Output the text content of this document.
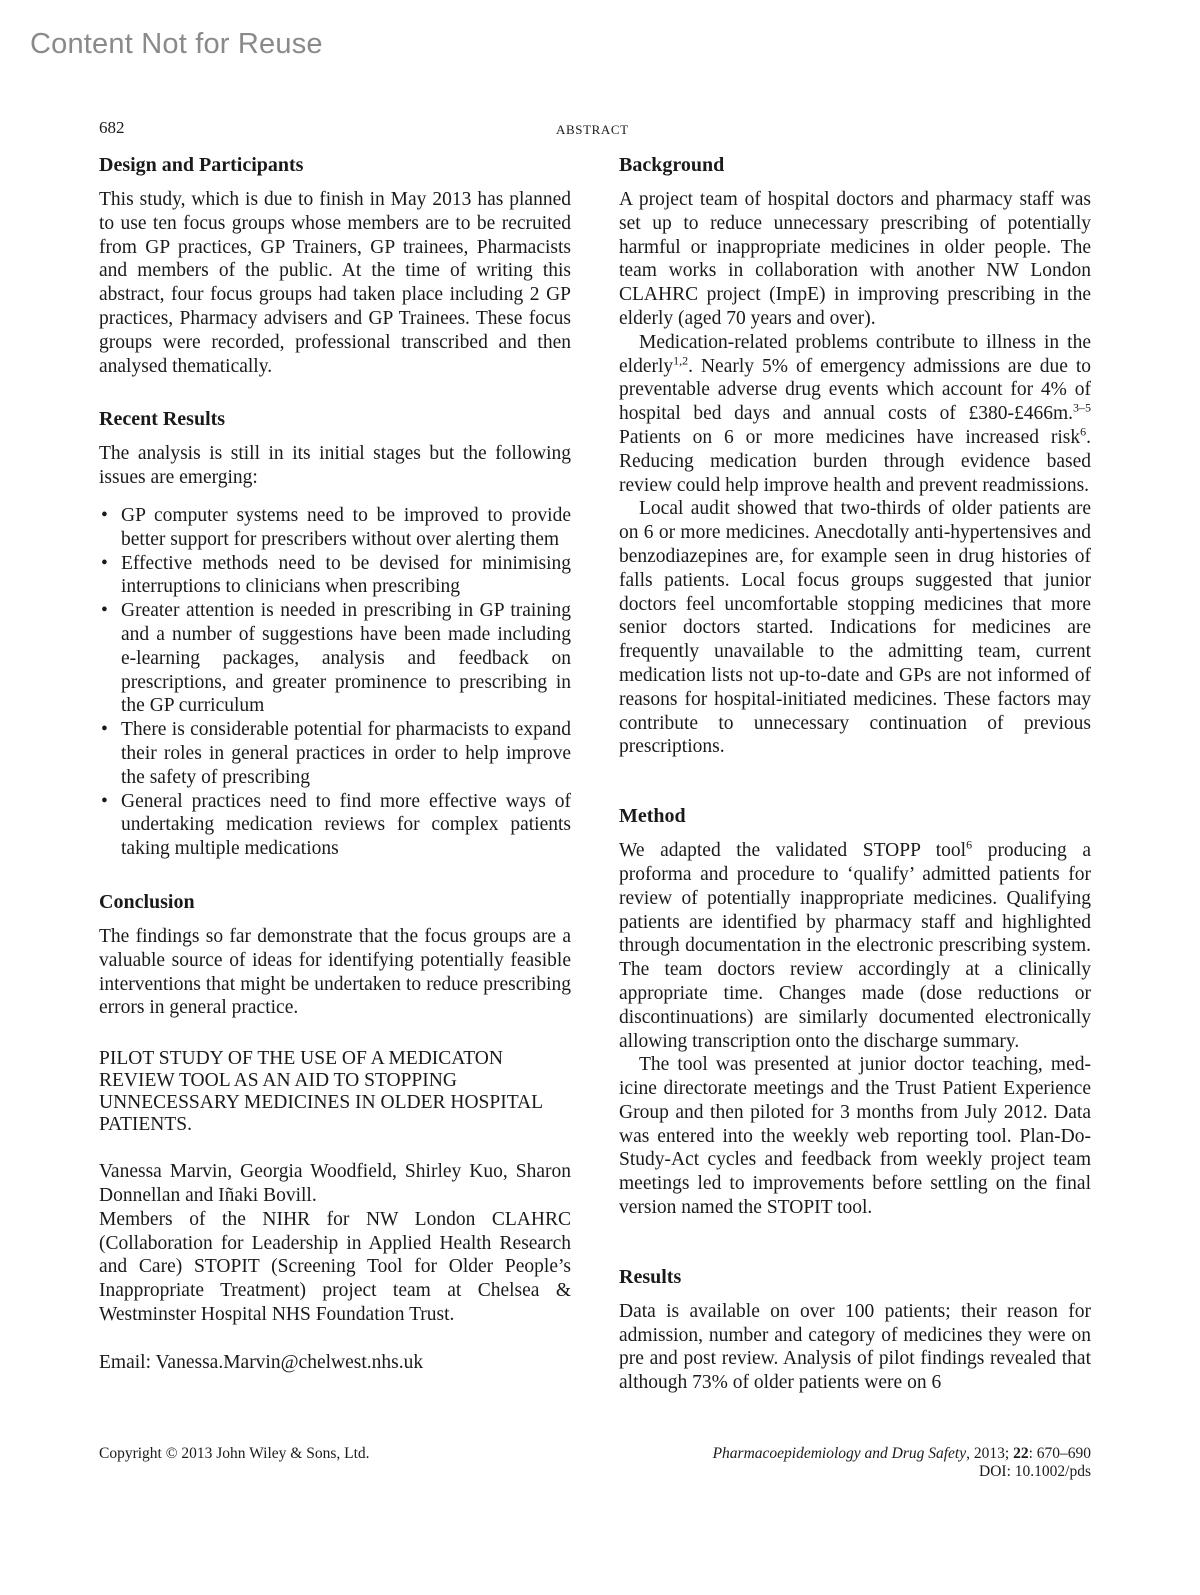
Content Not for Reuse
682	ABSTRACT
Design and Participants

This study, which is due to finish in May 2013 has planned to use ten focus groups whose members are to be recruited from GP practices, GP Trainers, GP trainees, Pharmacists and members of the public. At the time of writing this abstract, four focus groups had taken place including 2 GP practices, Pharmacy advisers and GP Trainees. These focus groups were recorded, professional transcribed and then analysed thematically.

Recent Results

The analysis is still in its initial stages but the following issues are emerging:

• GP computer systems need to be improved to provide better support for prescribers without over alerting them
• Effective methods need to be devised for minimising interruptions to clinicians when prescribing
• Greater attention is needed in prescribing in GP training and a number of suggestions have been made including e-learning packages, analysis and feedback on prescriptions, and greater prominence to prescribing in the GP curriculum
• There is considerable potential for pharmacists to expand their roles in general practices in order to help improve the safety of prescribing
• General practices need to find more effective ways of undertaking medication reviews for complex patients taking multiple medications
Conclusion

The findings so far demonstrate that the focus groups are a valuable source of ideas for identifying potentially feasible interventions that might be undertaken to reduce prescribing errors in general practice.

PILOT STUDY OF THE USE OF A MEDICATON REVIEW TOOL AS AN AID TO STOPPING UNNECESSARY MEDICINES IN OLDER HOSPITAL PATIENTS.

Vanessa Marvin, Georgia Woodfield, Shirley Kuo, Sharon Donnellan and Iñaki Bovill.

Members of the NIHR for NW London CLAHRC (Collaboration for Leadership in Applied Health Research and Care) STOPIT (Screening Tool for Older People’s Inappropriate Treatment) project team at Chelsea & Westminster Hospital NHS Foundation Trust.

Email: Vanessa.Marvin@chelwest.nhs.uk

Background

A project team of hospital doctors and pharmacy staff was set up to reduce unnecessary prescribing of potentially harmful or inappropriate medicines in older people. The team works in collaboration with another NW London CLAHRC project (ImpE) in improving prescribing in the elderly (aged 70 years and over).

Medication-related problems contribute to illness in the elderly$^{1,2}$. Nearly 5% of emergency admissions are due to preventable adverse drug events which account for 4% of hospital bed days and annual costs of £380-£466m.$^{3-5}$ Patients on 6 or more medicines have increased risk$^6$. Reducing medication burden through evidence based review could help improve health and prevent readmissions.

Local audit showed that two-thirds of older patients are on 6 or more medicines. Anecdotally anti-hypertensives and benzodiazepines are, for example seen in drug histories of falls patients. Local focus groups suggested that junior doctors feel uncomfortable stopping medicines that more senior doctors started. Indications for medicines are frequently unavailable to the admitting team, current medication lists not up-to-date and GPs are not informed of reasons for hospital-initiated medicines. These factors may contribute to unnecessary continuation of previous prescriptions.

Method

We adapted the validated STOPP tool$^6$ producing a proforma and procedure to ‘qualify’ admitted patients for review of potentially inappropriate medicines. Qualifying patients are identified by pharmacy staff and highlighted through documentation in the electronic prescribing system. The team doctors review accordingly at a clinically appropriate time. Changes made (dose reductions or discontinuations) are similarly documented electronically allowing transcription onto the discharge summary.

The tool was presented at junior doctor teaching, medicine directorate meetings and the Trust Patient Experience Group and then piloted for 3 months from July 2012. Data was entered into the weekly web reporting tool. Plan-Do-Study-Act cycles and feedback from weekly project team meetings led to improvements before settling on the final version named the STOPIT tool.

Results

Data is available on over 100 patients; their reason for admission, number and category of medicines they were on pre and post review. Analysis of pilot findings revealed that although 73% of older patients were on 6

Copyright © 2013 John Wiley & Sons, Ltd.	Pharmacoepidemiology and Drug Safety, 2013; 22: 670–690
DOI: 10.1002/pds
